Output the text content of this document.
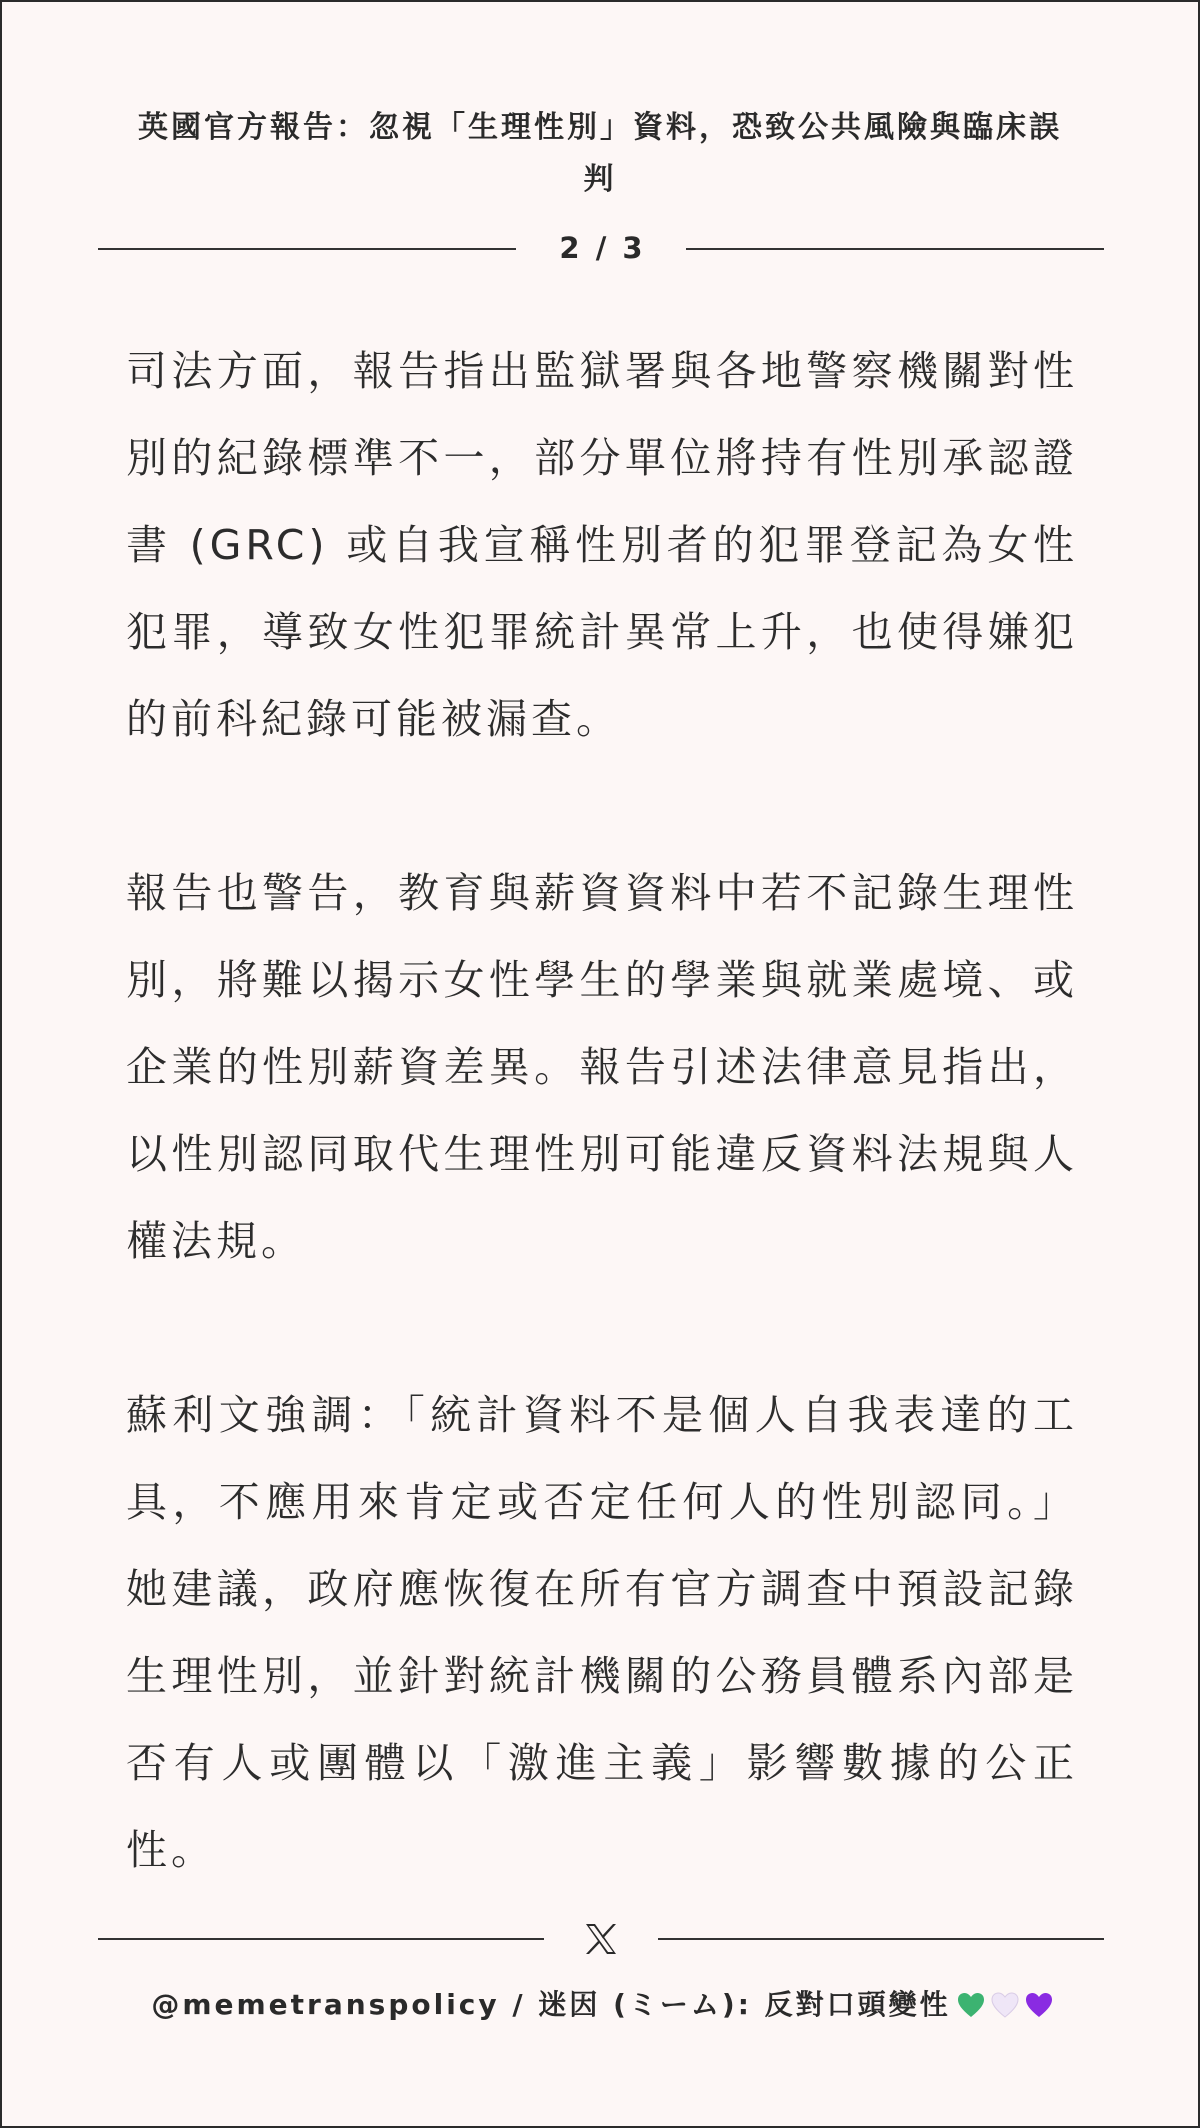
英國官方報告：忽視「生理性別」資料，恐致公共風險與臨床誤判
2 / 3

司法方面，報告指出監獄署與各地警察機關對性別的紀錄標準不一，部分單位將持有性別承認證書 (GRC) 或自我宣稱性別者的犯罪登記為女性犯罪，導致女性犯罪統計異常上升，也使得嫌犯的前科紀錄可能被漏查。

報告也警告，教育與薪資資料中若不記錄生理性別，將難以揭示女性學生的學業與就業處境、或企業的性別薪資差異。報告引述法律意見指出，以性別認同取代生理性別可能違反資料法規與人權法規。

蘇利文強調：「統計資料不是個人自我表達的工具，不應用來肯定或否定任何人的性別認同。」她建議，政府應恢復在所有官方調查中預設記錄生理性別，並針對統計機關的公務員體系內部是否有人或團體以「激進主義」影響數據的公正性。

@memetranspolicy / 迷因 (ミーム): 反對口頭變性
